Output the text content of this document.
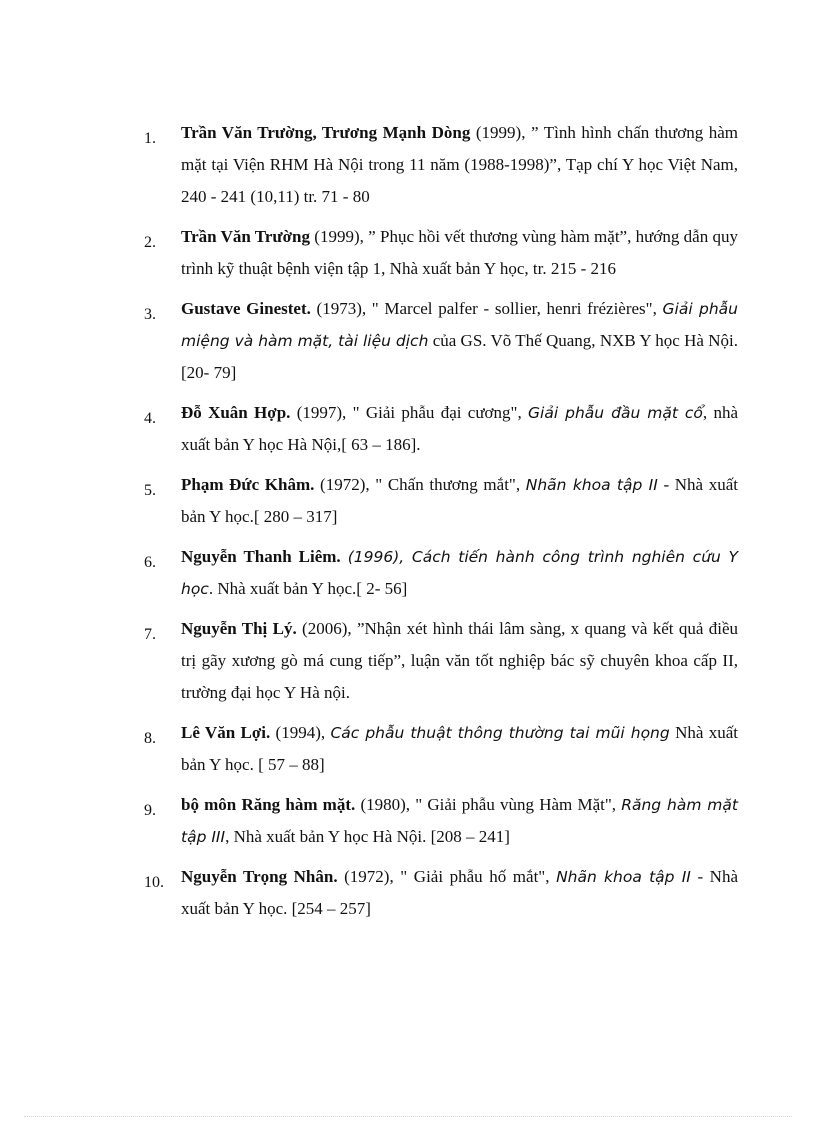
1. Trần Văn Trường, Trương Mạnh Dòng (1999), ” Tình hình chấn thương hàm mặt tại Viện RHM Hà Nội trong 11 năm (1988-1998)”, Tạp chí Y học Việt Nam, 240 - 241 (10,11) tr. 71 - 80
2. Trần Văn Trường (1999), ” Phục hồi vết thương vùng hàm mặt”, hướng dẫn quy trình kỹ thuật bệnh viện tập 1, Nhà xuất bản Y học, tr. 215 - 216
3. Gustave Ginestet. (1973), " Marcel palfer - sollier, henri frézières", Giải phẫu miệng và hàm mặt, tài liệu dịch của GS. Võ Thế Quang, NXB Y học Hà Nội.[20- 79]
4. Đỗ Xuân Hợp. (1997), " Giải phẫu đại cương", Giải phẫu đầu mặt cổ, nhà xuất bản Y học Hà Nội,[ 63 – 186].
5. Phạm Đức Khâm. (1972), " Chấn thương mắt", Nhãn khoa tập II - Nhà xuất bản Y học.[ 280 – 317]
6. Nguyễn Thanh Liêm. (1996), Cách tiến hành công trình nghiên cứu Y học. Nhà xuất bản Y học.[ 2- 56]
7. Nguyễn Thị Lý. (2006), ”Nhận xét hình thái lâm sàng, x quang và kết quả điều trị gãy xương gò má cung tiếp”, luận văn tốt nghiệp bác sỹ chuyên khoa cấp II, trường đại học Y Hà nội.
8. Lê Văn Lợi. (1994), Các phẫu thuật thông thường tai mũi họng Nhà xuất bản Y học. [ 57 – 88]
9. bộ môn Răng hàm mặt. (1980), " Giải phẫu vùng Hàm Mặt", Răng hàm mặt tập III, Nhà xuất bản Y học Hà Nội. [208 – 241]
10. Nguyễn Trọng Nhân. (1972), " Giải phẫu hố mắt", Nhãn khoa tập II - Nhà xuất bản Y học. [254 – 257]
